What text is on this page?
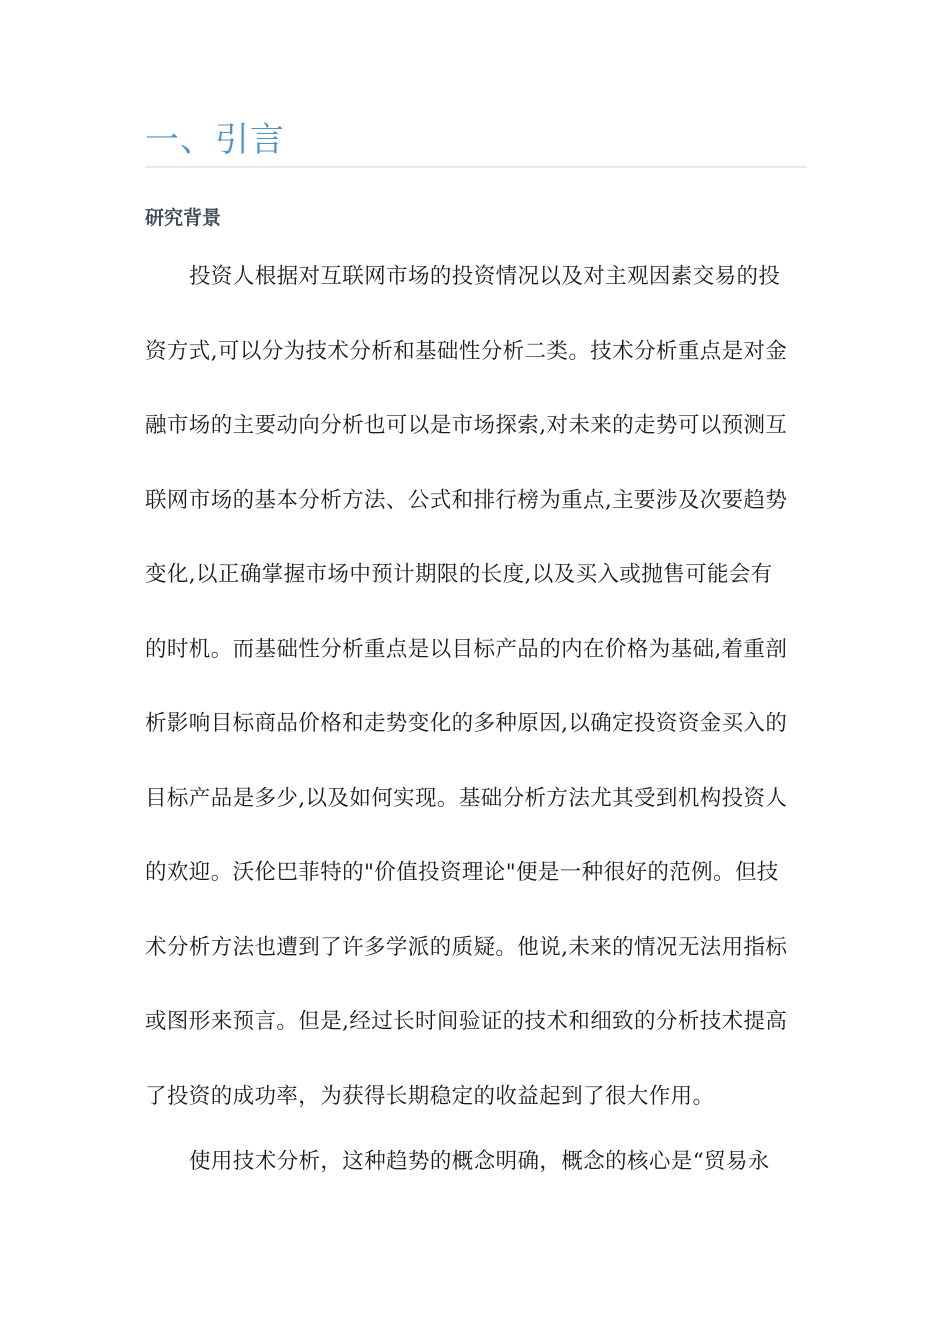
一、引言
研究背景
投资人根据对互联网市场的投资情况以及对主观因素交易的投
资方式,可以分为技术分析和基础性分析二类。技术分析重点是对金
融市场的主要动向分析也可以是市场探索,对未来的走势可以预测互
联网市场的基本分析方法、公式和排行榜为重点,主要涉及次要趋势
变化,以正确掌握市场中预计期限的长度,以及买入或抛售可能会有
的时机。而基础性分析重点是以目标产品的内在价格为基础,着重剖
析影响目标商品价格和走势变化的多种原因,以确定投资资金买入的
目标产品是多少,以及如何实现。基础分析方法尤其受到机构投资人
的欢迎。沃伦巴菲特的"价值投资理论"便是一种很好的范例。但技
术分析方法也遭到了许多学派的质疑。他说,未来的情况无法用指标
或图形来预言。但是,经过长时间验证的技术和细致的分析技术提高
了投资的成功率，为获得长期稳定的收益起到了很大作用。
使用技术分析，这种趋势的概念明确，概念的核心是“贸易永
